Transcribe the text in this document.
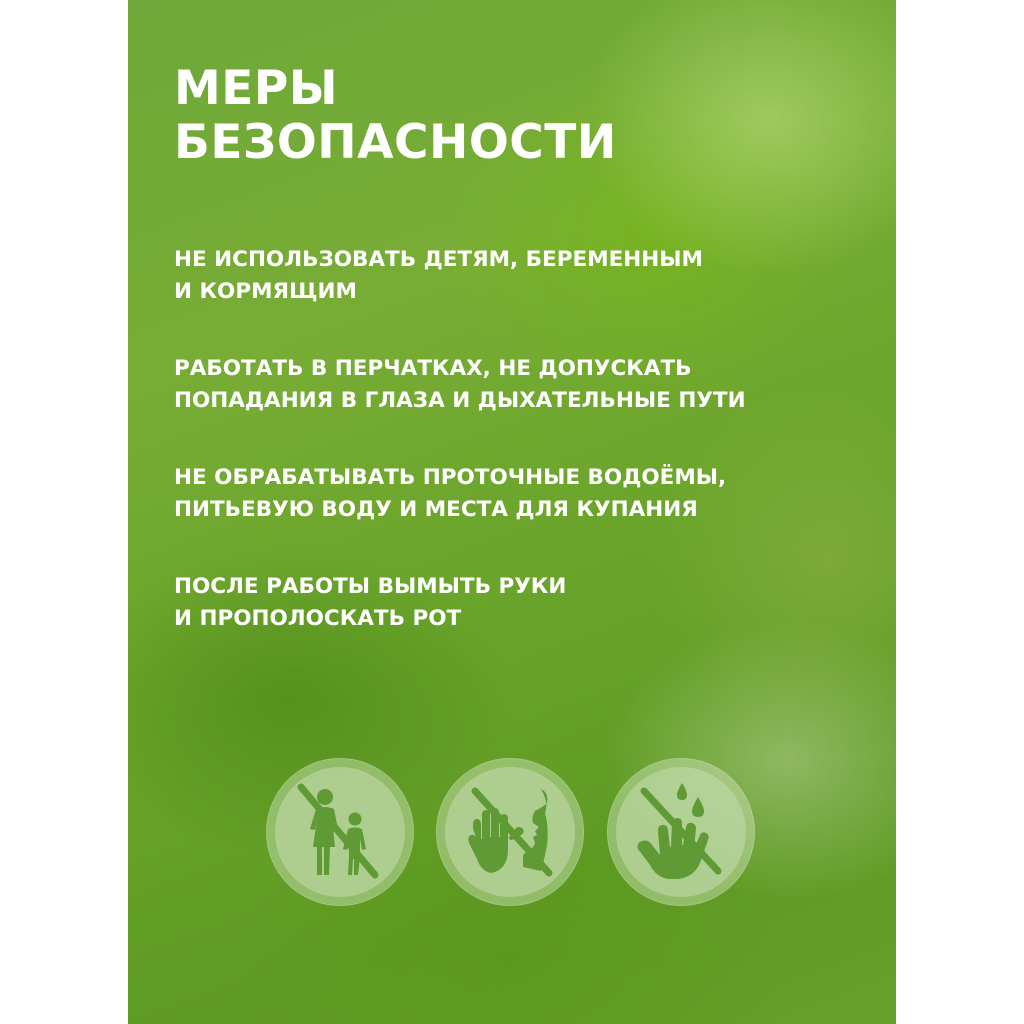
МЕРЫ
БЕЗОПАСНОСТИ
НЕ ИСПОЛЬЗОВАТЬ ДЕТЯМ, БЕРЕМЕННЫМ
И КОРМЯЩИМ
РАБОТАТЬ В ПЕРЧАТКАХ, НЕ ДОПУСКАТЬ
ПОПАДАНИЯ В ГЛАЗА И ДЫХАТЕЛЬНЫЕ ПУТИ
НЕ ОБРАБАТЫВАТЬ ПРОТОЧНЫЕ ВОДОЁМЫ,
ПИТЬЕВУЮ ВОДУ И МЕСТА ДЛЯ КУПАНИЯ
ПОСЛЕ РАБОТЫ ВЫМЫТЬ РУКИ
И ПРОПОЛОСКАТЬ РОТ
